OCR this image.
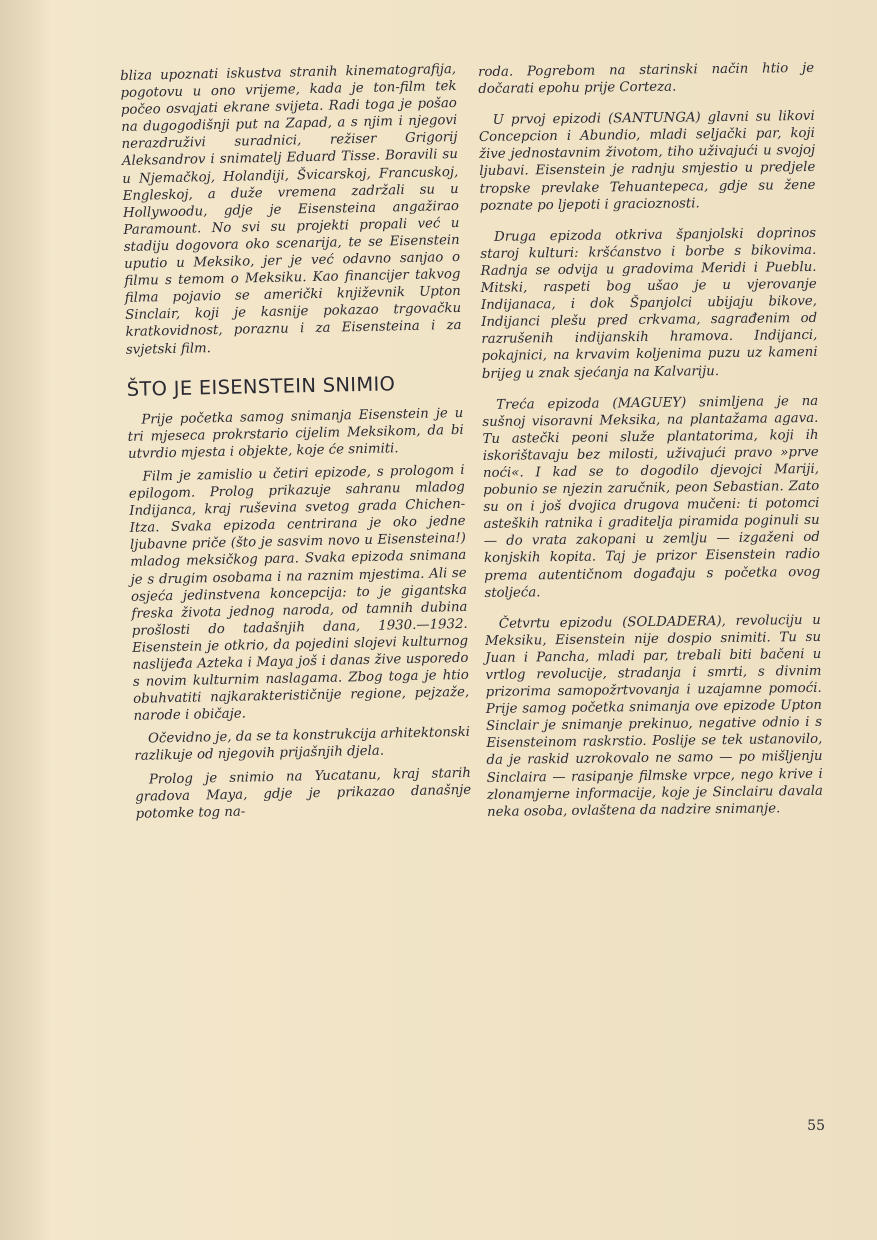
bliza upoznati iskustva stranih kinematografija, pogotovu u ono vrijeme, kada je ton-film tek počeo osvajati ekrane svijeta. Radi toga je pošao na dugogodišnji put na Zapad, a s njim i njegovi nerazdruživi suradnici, režiser Grigorij Aleksandrov i snimatelj Eduard Tisse. Boravili su u Njemačkoj, Holandiji, Švicarskoj, Francuskoj, Engleskoj, a duže vremena zadržali su u Hollywoodu, gdje je Eisensteina angažirao Paramount. No svi su projekti propali već u stadiju dogovora oko scenarija, te se Eisenstein uputio u Meksiko, jer je već odavno sanjao o filmu s temom o Meksiku. Kao financijer takvog filma pojavio se američki književnik Upton Sinclair, koji je kasnije pokazao trgovačku kratkovidnost, poraznu i za Eisensteina i za svjetski film.

ŠTO JE EISENSTEIN SNIMIO

Prije početka samog snimanja Eisenstein je u tri mjeseca prokrstario cijelim Meksikom, da bi utvrdio mjesta i objekte, koje će snimiti.

Film je zamislio u četiri epizode, s prologom i epilogom. Prolog prikazuje sahranu mladog Indijanca, kraj ruševina svetog grada Chichen-Itza. Svaka epizoda centrirana je oko jedne ljubavne priče (što je sasvim novo u Eisensteina!) mladog meksičkog para. Svaka epizoda snimana je s drugim osobama i na raznim mjestima. Ali se osjeća jedinstvena koncepcija: to je gigantska freska života jednog naroda, od tamnih dubina prošlosti do tadašnjih dana, 1930.—1932. Eisenstein je otkrio, da pojedini slojevi kulturnog naslijeđa Azteka i Maya još i danas žive usporedo s novim kulturnim naslagama. Zbog toga je htio obuhvatiti najkarakterističnije regione, pejzaže, narode i običaje.

Očevidno je, da se ta konstrukcija arhitektonski razlikuje od njegovih prijašnjih djela.

Prolog je snimio na Yucatanu, kraj starih gradova Maya, gdje je prikazao današnje potomke tog na-

roda. Pogrebom na starinski način htio je dočarati epohu prije Corteza.

U prvoj epizodi (SANTUNGA) glavni su likovi Concepcion i Abundio, mladi seljački par, koji žive jednostavnim životom, tiho uživajući u svojoj ljubavi. Eisenstein je radnju smjestio u predjele tropske prevlake Tehuantepeca, gdje su žene poznate po ljepoti i gracioznosti.

Druga epizoda otkriva španjolski doprinos staroj kulturi: kršćanstvo i borbe s bikovima. Radnja se odvija u gradovima Meridi i Pueblu. Mitski, raspeti bog ušao je u vjerovanje Indijanaca, i dok Španjolci ubijaju bikove, Indijanci plešu pred crkvama, sagrađenim od razrušenih indijanskih hramova. Indijanci, pokajnici, na krvavim koljenima puzu uz kameni brijeg u znak sjećanja na Kalvariju.

Treća epizoda (MAGUEY) snimljena je na sušnoj visoravni Meksika, na plantažama agava. Tu astečki peoni služe plantatorima, koji ih iskorištavaju bez milosti, uživajući pravo »prve noći«. I kad se to dogodilo djevojci Mariji, pobunio se njezin zaručnik, peon Sebastian. Zato su on i još dvojica drugova mučeni: ti potomci asteških ratnika i graditelja piramida poginuli su — do vrata zakopani u zemlju — izgaženi od konjskih kopita. Taj je prizor Eisenstein radio prema autentičnom događaju s početka ovog stoljeća.

Četvrtu epizodu (SOLDADERA), revoluciju u Meksiku, Eisenstein nije dospio snimiti. Tu su Juan i Pancha, mladi par, trebali biti bačeni u vrtlog revolucije, stradanja i smrti, s divnim prizorima samopožrtvovanja i uzajamne pomoći. Prije samog početka snimanja ove epizode Upton Sinclair je snimanje prekinuo, negative odnio i s Eisensteinom raskrstio. Poslije se tek ustanovilo, da je raskid uzrokovalo ne samo — po mišljenju Sinclaira — rasipanje filmske vrpce, nego krive i zlonamjerne informacije, koje je Sinclairu davala neka osoba, ovlaštena da nadzire snimanje.

55
